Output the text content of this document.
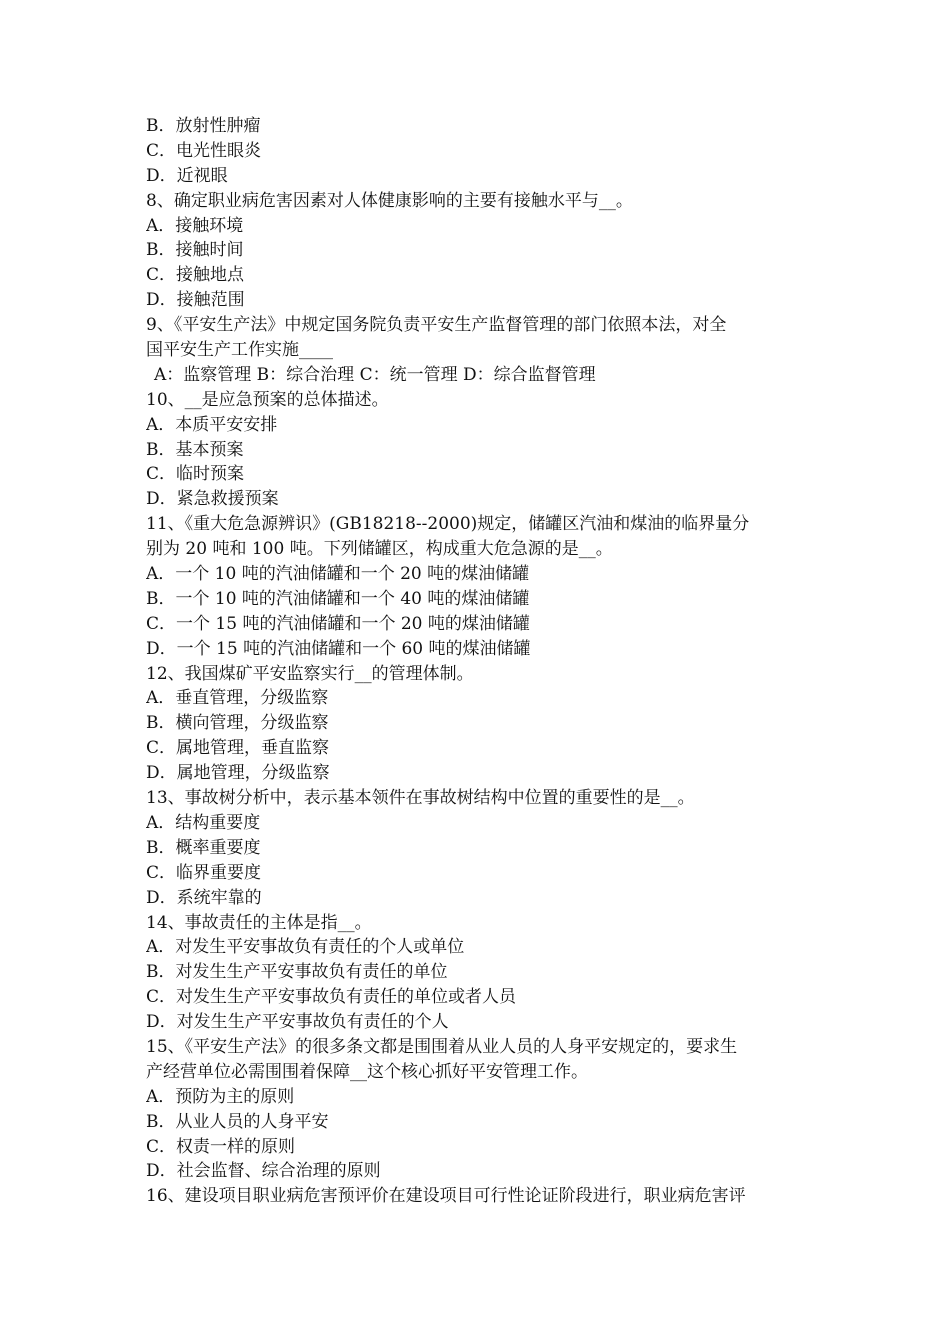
B．放射性肿瘤
C．电光性眼炎
D．近视眼
8、确定职业病危害因素对人体健康影响的主要有接触水平与__。
A．接触环境
B．接触时间
C．接触地点
D．接触范围
9、《平安生产法》中规定国务院负责平安生产监督管理的部门依照本法，对全
国平安生产工作实施____
A：监察管理 B：综合治理 C：统一管理 D：综合监督管理
10、__是应急预案的总体描述。
A．本质平安安排
B．基本预案
C．临时预案
D．紧急救援预案
11、《重大危急源辨识》(GB18218--2000)规定，储罐区汽油和煤油的临界量分
别为 20 吨和 100 吨。下列储罐区，构成重大危急源的是__。
A．一个 10 吨的汽油储罐和一个 20 吨的煤油储罐
B．一个 10 吨的汽油储罐和一个 40 吨的煤油储罐
C．一个 15 吨的汽油储罐和一个 20 吨的煤油储罐
D．一个 15 吨的汽油储罐和一个 60 吨的煤油储罐
12、我国煤矿平安监察实行__的管理体制。
A．垂直管理，分级监察
B．横向管理，分级监察
C．属地管理，垂直监察
D．属地管理，分级监察
13、事故树分析中，表示基本领件在事故树结构中位置的重要性的是__。
A．结构重要度
B．概率重要度
C．临界重要度
D．系统牢靠的
14、事故责任的主体是指__。
A．对发生平安事故负有责任的个人或单位
B．对发生生产平安事故负有责任的单位
C．对发生生产平安事故负有责任的单位或者人员
D．对发生生产平安事故负有责任的个人
15、《平安生产法》的很多条文都是围围着从业人员的人身平安规定的，要求生
产经营单位必需围围着保障__这个核心抓好平安管理工作。
A．预防为主的原则
B．从业人员的人身平安
C．权责一样的原则
D．社会监督、综合治理的原则
16、建设项目职业病危害预评价在建设项目可行性论证阶段进行，职业病危害评
